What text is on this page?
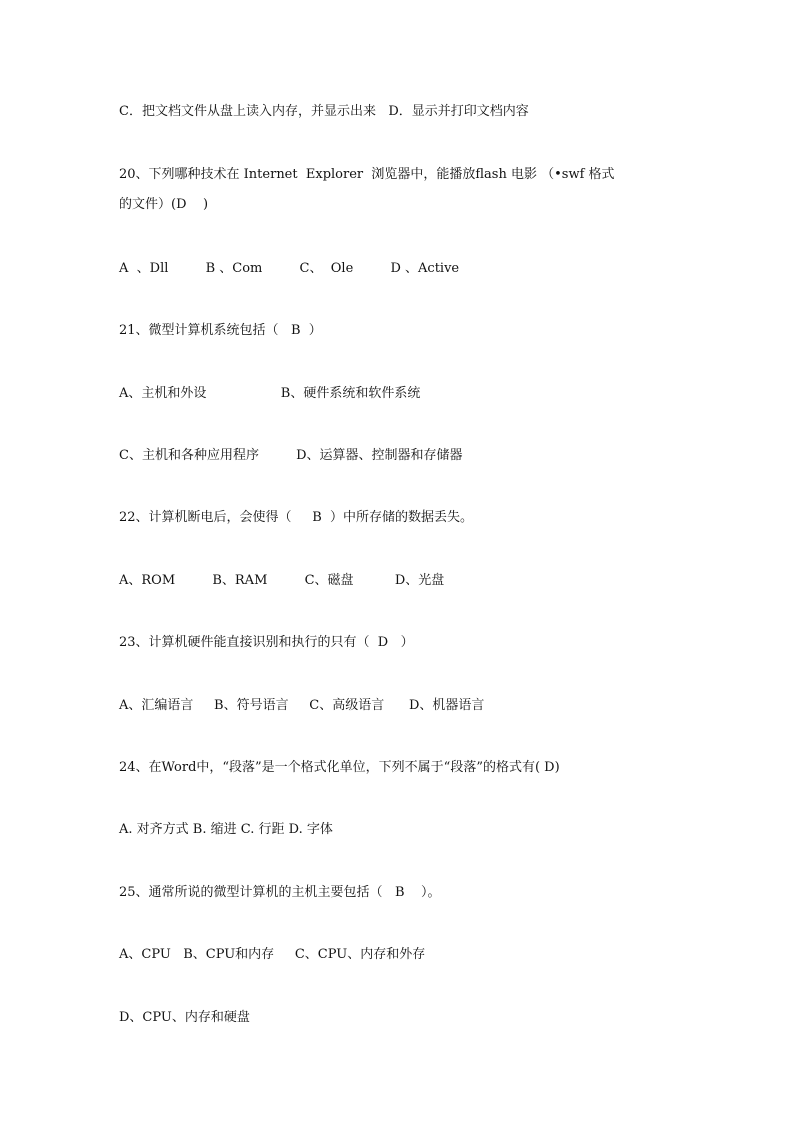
C．把文档文件从盘上读入内存，并显示出来   D．显示并打印文档内容
20、下列哪种技术在 Internet  Explorer  浏览器中，能播放flash 电影 （•swf 格式
的文件）(D    )
A  、Dll         B 、Com         C、  Ole         D 、Active
21、微型计算机系统包括（   B  ）
A、主机和外设                  B、硬件系统和软件系统
C、主机和各种应用程序         D、运算器、控制器和存储器
22、计算机断电后，会使得（     B  ）中所存储的数据丢失。
A、ROM         B、RAM         C、磁盘          D、光盘
23、计算机硬件能直接识别和执行的只有（  D   ）
A、汇编语言     B、符号语言     C、高级语言      D、机器语言
24、在Word中，“段落”是一个格式化单位，下列不属于“段落”的格式有( D)
A. 对齐方式 B. 缩进 C. 行距 D. 字体
25、通常所说的微型计算机的主机主要包括（   B    ）。
A、CPU   B、CPU和内存     C、CPU、内存和外存
D、CPU、内存和硬盘
